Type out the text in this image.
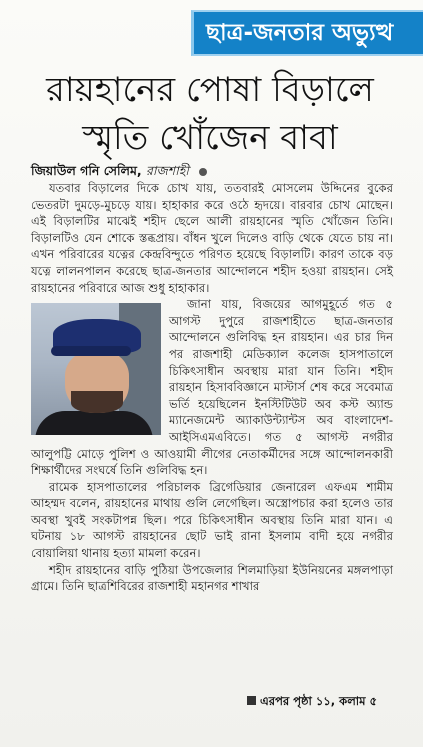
ছাত্র-জনতার অভ্যুত্থ
রায়হানের পোষা বিড়ালে
স্মৃতি খোঁজেন বাবা
জিয়াউল গনি সেলিম, রাজশাহী

যতবার বিড়ালের দিকে চোখ যায়, ততবারই মোসলেম উদ্দিনের বুকের ভেতরটা দুমড়ে-মুচড়ে যায়। হাহাকার করে ওঠে হৃদয়ে। বারবার চোখ মোছেন। এই বিড়ালটির মাঝেই শহীদ ছেলে আলী রায়হানের স্মৃতি খোঁজেন তিনি। বিড়ালটিও যেন শোকে স্তব্ধপ্রায়। বাঁধন খুলে দিলেও বাড়ি থেকে যেতে চায় না। এখন পরিবারের যত্নের কেন্দ্রবিন্দুতে পরিণত হয়েছে বিড়ালটি। কারণ তাকে বড় যত্নে লালনপালন করেছে ছাত্র-জনতার আন্দোলনে শহীদ হওয়া রায়হান। সেই রায়হানের পরিবারে আজ শুধু হাহাকার।

জানা যায়, বিজয়ের আগমুহূর্তে গত ৫ আগস্ট দুপুরে রাজশাহীতে ছাত্র-জনতার আন্দোলনে গুলিবিদ্ধ হন রায়হান। এর চার দিন পর রাজশাহী মেডিক্যাল কলেজ হাসপাতালে চিকিৎসাধীন অবস্থায় মারা যান তিনি। শহীদ রায়হান হিসাববিজ্ঞানে মাস্টার্স শেষ করে সবেমাত্র ভর্তি হয়েছিলেন ইনস্টিটিউট অব কস্ট অ্যান্ড ম্যানেজমেন্ট অ্যাকাউন্ট্যান্টস অব বাংলাদেশ-আইসিএমএবিতে। গত ৫ আগস্ট নগরীর আলুপট্টি মোড়ে পুলিশ ও আওয়ামী লীগের নেতাকর্মীদের সঙ্গে আন্দোলনকারী শিক্ষার্থীদের সংঘর্ষে তিনি গুলিবিদ্ধ হন।

রামেক হাসপাতালের পরিচালক ব্রিগেডিয়ার জেনারেল এফএম শামীম আহম্মদ বলেন, রায়হানের মাথায় গুলি লেগেছিল। অস্ত্রোপচার করা হলেও তার অবস্থা খুবই সংকটাপন্ন ছিল। পরে চিকিৎসাধীন অবস্থায় তিনি মারা যান। এ ঘটনায় ১৮ আগস্ট রায়হানের ছোট ভাই রানা ইসলাম বাদী হয়ে নগরীর বোয়ালিয়া থানায় হত্যা মামলা করেন।

শহীদ রায়হানের বাড়ি পুঠিয়া উপজেলার শিলমাড়িয়া ইউনিয়নের মঙ্গলপাড়া গ্রামে। তিনি ছাত্রশিবিরের রাজশাহী মহানগর শাখার

এরপর পৃষ্ঠা ১১, কলাম ৫
